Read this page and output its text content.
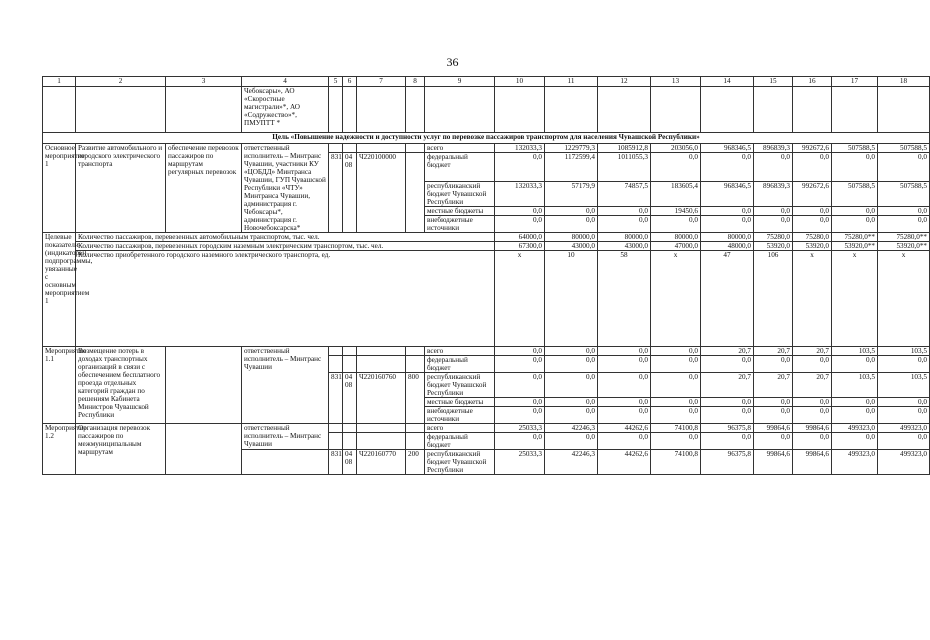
36
1	2	3	4	5	6	7	8	9	10	11	12	13	14	15	16	17	18
			Чебоксары», АО «Скоростные магистрали»*, АО «Содружество»*, ПМУПТТ *														
Цель «Повышение надежности и доступности услуг по перевозке пассажиров транспортом для населения Чувашской Республики»																	
Основное мероприятие 1	Развитие автомобильного и городского электрического транспорта	обеспечение перевозок пассажиров по маршрутам регулярных перевозок	ответственный исполнитель – Минтранс Чувашии, участники КУ «ЦОБДД» Минтранса Чувашии, ГУП Чувашской Республики «ЧТУ» Минтранса Чувашии, администрация г. Чебоксары*, администрация г. Новочебоксарска*					всего	132033,3	1229779,3	1085912,8	203056,0	968346,5	896839,3	992672,6	507588,5	507588,5
				831	04 08	Ч220100000		федеральный бюджет	0,0	1172599,4	1011055,3	0,0	0,0	0,0	0,0	0,0	0,0
								республиканский бюджет Чувашской Республики	132033,3	57179,9	74857,5	183605,4	968346,5	896839,3	992672,6	507588,5	507588,5
								местные бюджеты	0,0	0,0	0,0	19450,6	0,0	0,0	0,0	0,0	0,0
								внебюджетные источники	0,0	0,0	0,0	0,0	0,0	0,0	0,0	0,0	0,0
Целевые показатели (индикаторы) подпрограммы, увязанные с основным мероприятием 1	Количество пассажиров, перевезенных автомобильным транспортом, тыс. чел.								64000,0	80000,0	80000,0	80000,0	80000,0	75280,0	75280,0	75280,0**	75280,0**
	Количество пассажиров, перевезенных городским наземным электрическим транспортом, тыс. чел.								67300,0	43000,0	43000,0	47000,0	48000,0	53920,0	53920,0	53920,0**	53920,0**
	Количество приобретенного городского наземного электрического транспорта, ед.								x	10	58	x	47	106	x	x	x
Мероприятие 1.1	Возмещение потерь в доходах транспортных организаций в связи с обеспечением бесплатного проезда отдельных категорий граждан по решениям Кабинета Министров Чувашской Республики		ответственный исполнитель – Минтранс Чувашии					всего	0,0	0,0	0,0	0,0	20,7	20,7	20,7	103,5	103,5
								федеральный бюджет	0,0	0,0	0,0	0,0	0,0	0,0	0,0	0,0	0,0
				831	04 08	Ч220160760	800	республиканский бюджет Чувашской Республики	0,0	0,0	0,0	0,0	20,7	20,7	20,7	103,5	103,5
								местные бюджеты	0,0	0,0	0,0	0,0	0,0	0,0	0,0	0,0	0,0
								внебюджетные источники	0,0	0,0	0,0	0,0	0,0	0,0	0,0	0,0	0,0
Мероприятие 1.2	Организация перевозок пассажиров по межмуниципальным маршрутам		ответственный исполнитель – Минтранс Чувашии					всего	25033,3	42246,3	44262,6	74100,8	96375,8	99864,6	99864,6	499323,0	499323,0
								федеральный бюджет	0,0	0,0	0,0	0,0	0,0	0,0	0,0	0,0	0,0
				831	04 08	Ч220160770	200	республиканский бюджет Чувашской Республики	25033,3	42246,3	44262,6	74100,8	96375,8	99864,6	99864,6	499323,0	499323,0
